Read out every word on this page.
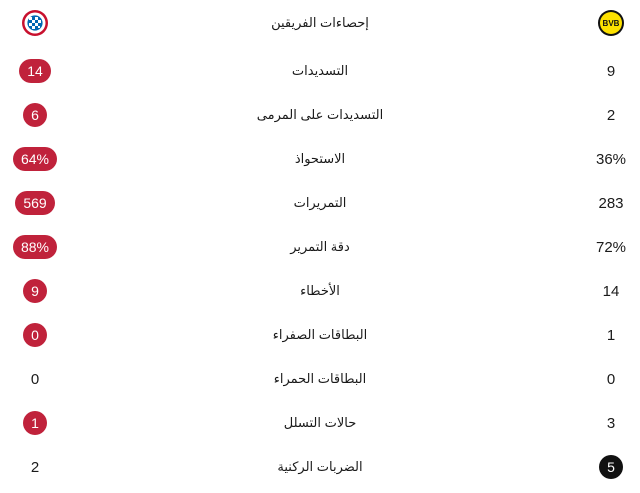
إحصاءات الفريقين	BVB
14	التسديدات	9
6	التسديدات على المرمى	2
64%	الاستحواذ	36%
569	التمريرات	283
88%	دقة التمرير	72%
9	الأخطاء	14
0	البطاقات الصفراء	1
0	البطاقات الحمراء	0
1	حالات التسلل	3
2	الضربات الركنية	5
